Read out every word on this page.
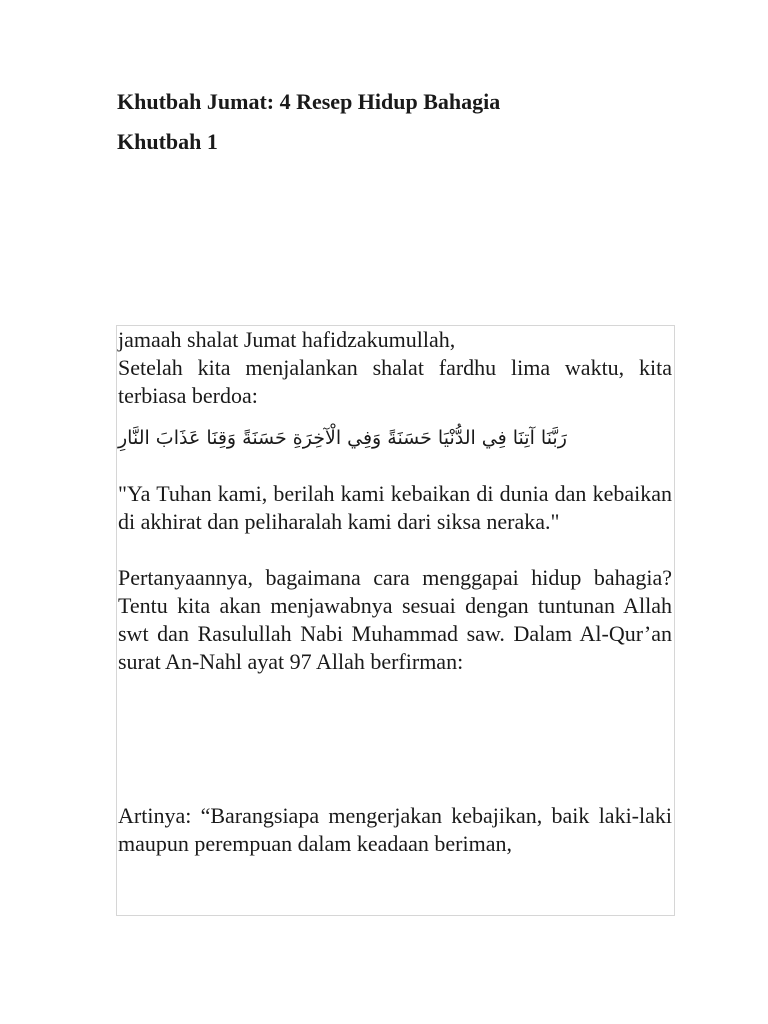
Khutbah Jumat: 4 Resep Hidup Bahagia
Khutbah 1

jamaah shalat Jumat hafidzakumullah,

Setelah kita menjalankan shalat fardhu lima waktu, kita terbiasa berdoa:

رَبَّنَا آتِنَا فِي الدُّنْيَا حَسَنَةً وَفِي الْآخِرَةِ حَسَنَةً وَقِنَا عَذَابَ النَّارِ

"Ya Tuhan kami, berilah kami kebaikan di dunia dan kebaikan di akhirat dan peliharalah kami dari siksa neraka."

Pertanyaannya, bagaimana cara menggapai hidup bahagia? Tentu kita akan menjawabnya sesuai dengan tuntunan Allah swt dan Rasulullah Nabi Muhammad saw. Dalam Al-Qur’an surat An-Nahl ayat 97 Allah berfirman:

Artinya: “Barangsiapa mengerjakan kebajikan, baik laki-laki maupun perempuan dalam keadaan beriman,
